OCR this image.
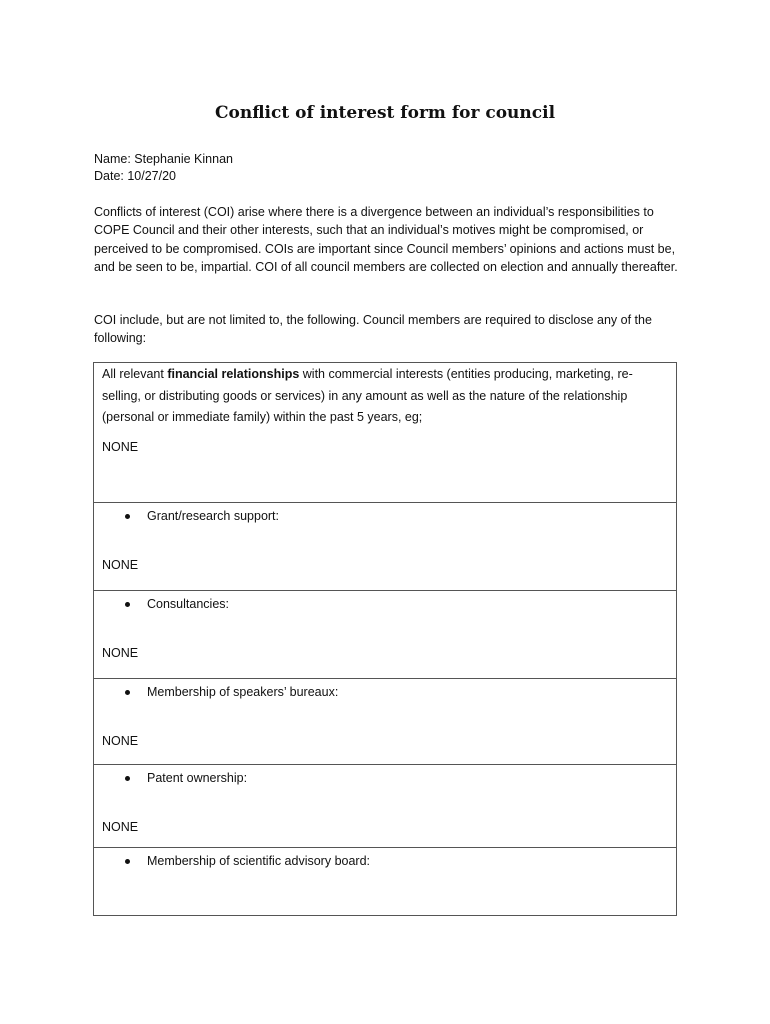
Conflict of interest form for council
Name: Stephanie Kinnan
Date: 10/27/20
Conflicts of interest (COI) arise where there is a divergence between an individual’s responsibilities to COPE Council and their other interests, such that an individual’s motives might be compromised, or perceived to be compromised. COIs are important since Council members’ opinions and actions must be, and be seen to be, impartial. COI of all council members are collected on election and annually thereafter.
COI include, but are not limited to, the following. Council members are required to disclose any of the following:
All relevant financial relationships with commercial interests (entities producing, marketing, re-selling, or distributing goods or services) in any amount as well as the nature of the relationship (personal or immediate family) within the past 5 years, eg;
NONE
Grant/research support:
NONE
Consultancies:
NONE
Membership of speakers’ bureaux:
NONE
Patent ownership:
NONE
Membership of scientific advisory board:
